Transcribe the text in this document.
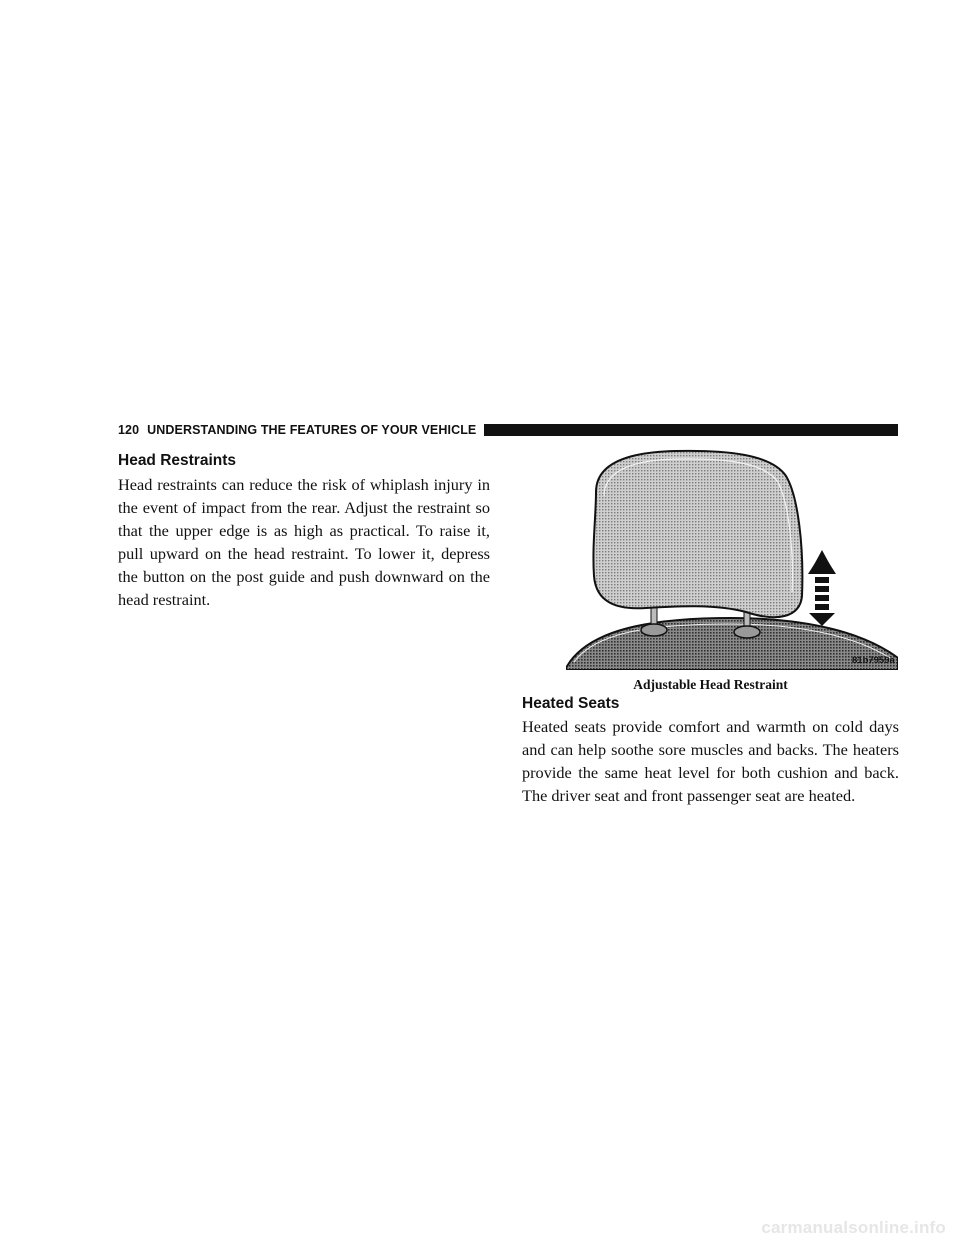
120 UNDERSTANDING THE FEATURES OF YOUR VEHICLE
Head Restraints

Head restraints can reduce the risk of whiplash injury in the event of impact from the rear. Adjust the restraint so that the upper edge is as high as practical. To raise it, pull upward on the head restraint. To lower it, depress the button on the post guide and push downward on the head restraint.

81b7959a
Adjustable Head Restraint
Heated Seats

Heated seats provide comfort and warmth on cold days and can help soothe sore muscles and backs. The heaters provide the same heat level for both cushion and back. The driver seat and front passenger seat are heated.

carmanualsonline.info
